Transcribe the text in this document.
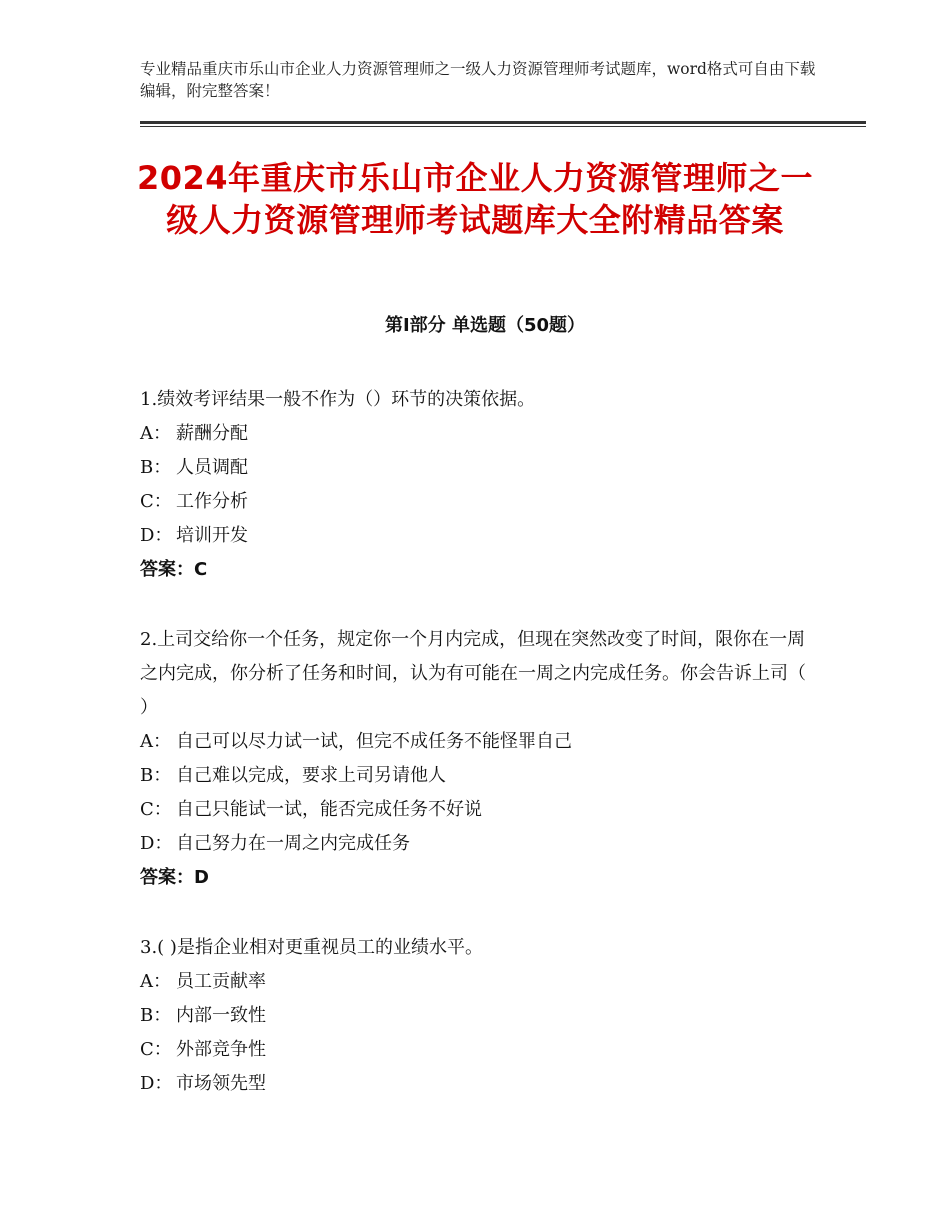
专业精品重庆市乐山市企业人力资源管理师之一级人力资源管理师考试题库，word格式可自由下载编辑，附完整答案！
2024年重庆市乐山市企业人力资源管理师之一级人力资源管理师考试题库大全附精品答案
第Ⅰ部分 单选题（50题）

1.绩效考评结果一般不作为（）环节的决策依据。

A： 薪酬分配

B： 人员调配

C： 工作分析

D： 培训开发

答案：C

2.上司交给你一个任务，规定你一个月内完成，但现在突然改变了时间，限你在一周之内完成，你分析了任务和时间，认为有可能在一周之内完成任务。你会告诉上司（ ）

A： 自己可以尽力试一试，但完不成任务不能怪罪自己

B： 自己难以完成，要求上司另请他人

C： 自己只能试一试，能否完成任务不好说

D： 自己努力在一周之内完成任务

答案：D

3.( )是指企业相对更重视员工的业绩水平。

A： 员工贡献率

B： 内部一致性

C： 外部竞争性

D： 市场领先型
